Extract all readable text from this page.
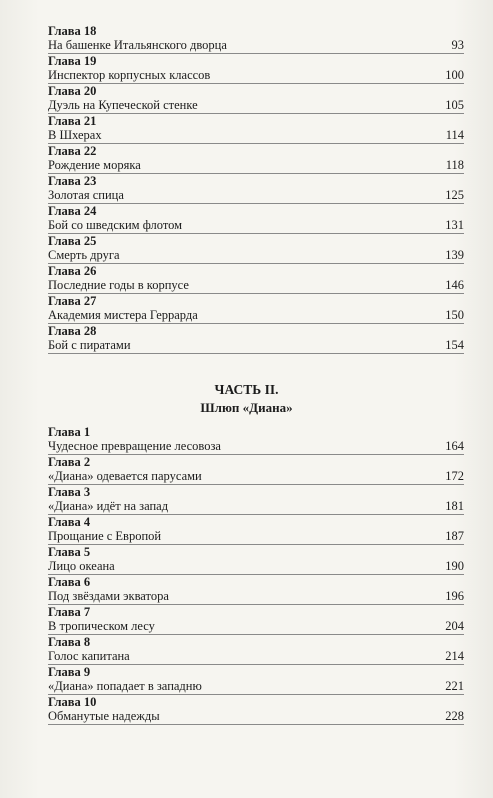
Глава 18
На башенке Итальянского дворца	93
Глава 19
Инспектор корпусных классов	100
Глава 20
Дуэль на Купеческой стенке	105
Глава 21
В Шхерах	114
Глава 22
Рождение моряка	118
Глава 23
Золотая спица	125
Глава 24
Бой со шведским флотом	131
Глава 25
Смерть друга	139
Глава 26
Последние годы в корпусе	146
Глава 27
Академия мистера Геррарда	150
Глава 28
Бой с пиратами	154
ЧАСТЬ II.
Шлюп «Диана»
Глава 1
Чудесное превращение лесовоза	164
Глава 2
«Диана» одевается парусами	172
Глава 3
«Диана» идёт на запад	181
Глава 4
Прощание с Европой	187
Глава 5
Лицо океана	190
Глава 6
Под звёздами экватора	196
Глава 7
В тропическом лесу	204
Глава 8
Голос капитана	214
Глава 9
«Диана» попадает в западню	221
Глава 10
Обманутые надежды	228
